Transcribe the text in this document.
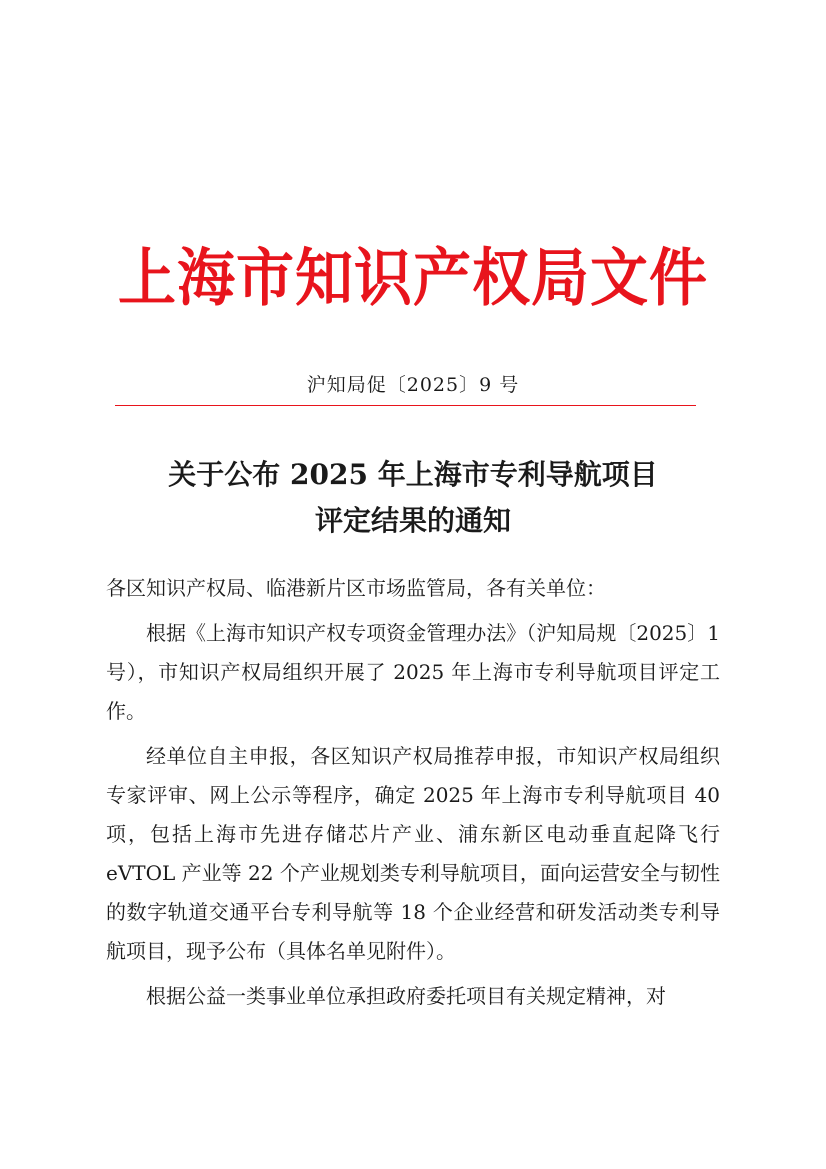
上海市知识产权局文件
沪知局促〔2025〕9 号
关于公布 2025 年上海市专利导航项目
评定结果的通知

各区知识产权局、临港新片区市场监管局，各有关单位：

根据《上海市知识产权专项资金管理办法》（沪知局规〔2025〕1 号），市知识产权局组织开展了 2025 年上海市专利导航项目评定工作。

经单位自主申报，各区知识产权局推荐申报，市知识产权局组织专家评审、网上公示等程序，确定 2025 年上海市专利导航项目 40 项，包括上海市先进存储芯片产业、浦东新区电动垂直起降飞行 eVTOL 产业等 22 个产业规划类专利导航项目，面向运营安全与韧性的数字轨道交通平台专利导航等 18 个企业经营和研发活动类专利导航项目，现予公布（具体名单见附件）。

根据公益一类事业单位承担政府委托项目有关规定精神，对
